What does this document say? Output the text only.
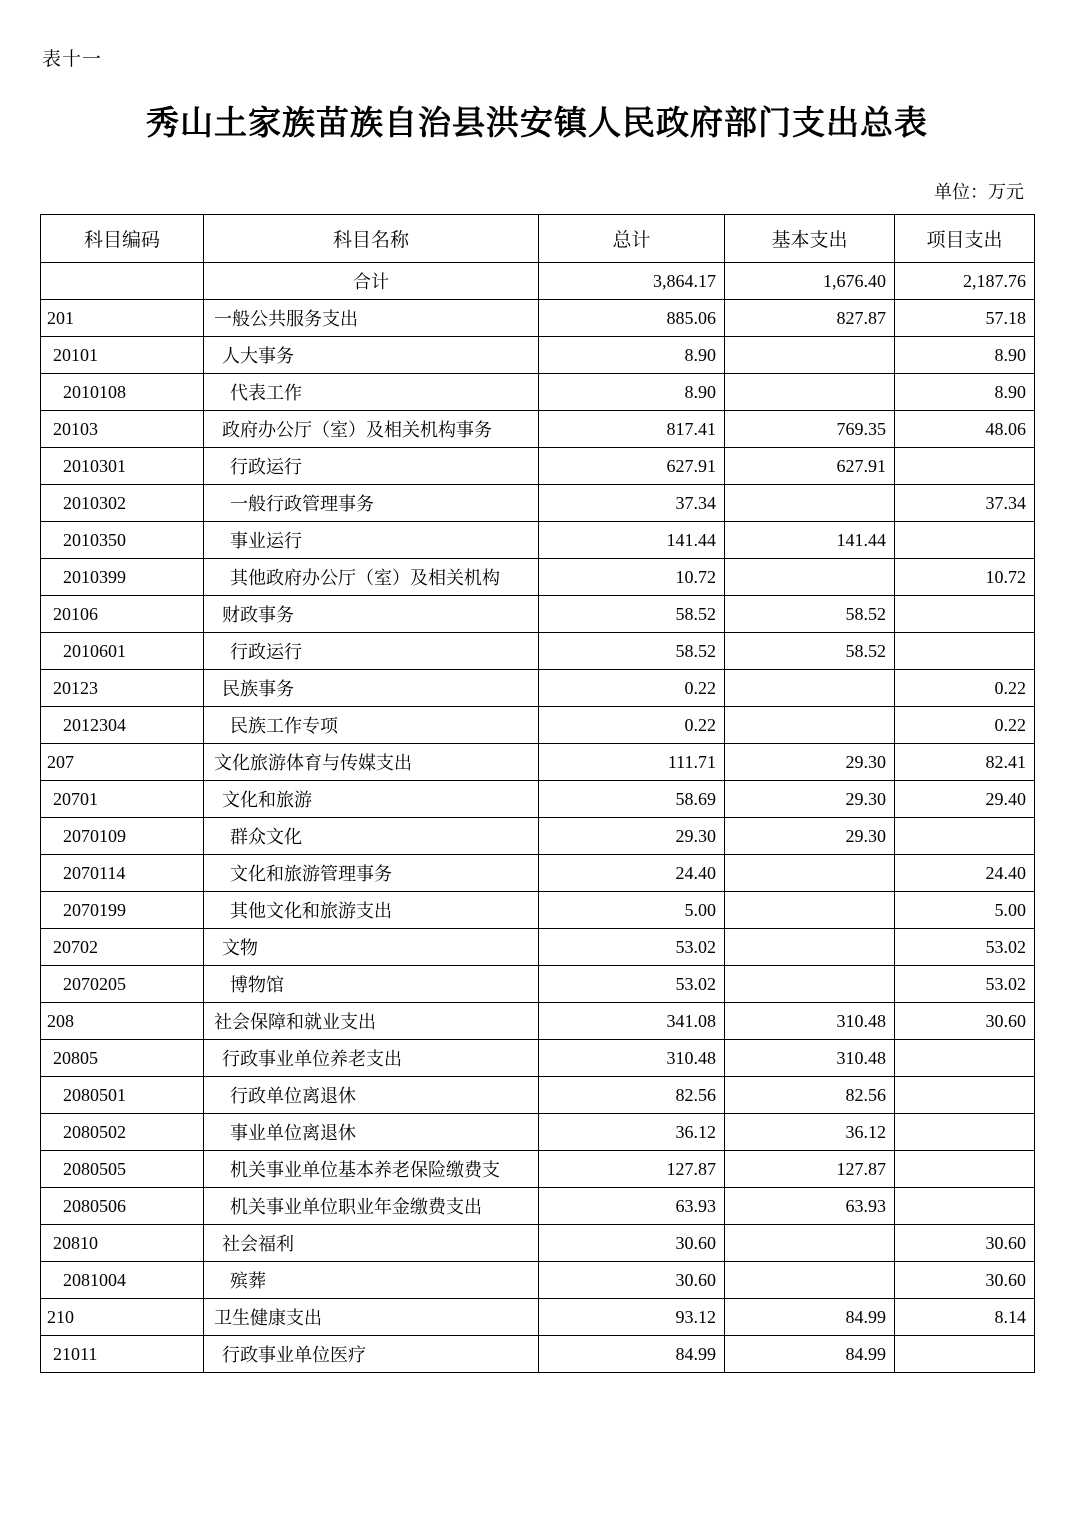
表十一
秀山土家族苗族自治县洪安镇人民政府部门支出总表
单位：万元
科目编码	科目名称	总计	基本支出	项目支出
	合计	3,864.17	1,676.40	2,187.76
201	一般公共服务支出	885.06	827.87	57.18
20101	人大事务	8.90		8.90
2010108	代表工作	8.90		8.90
20103	政府办公厅（室）及相关机构事务	817.41	769.35	48.06
2010301	行政运行	627.91	627.91	
2010302	一般行政管理事务	37.34		37.34
2010350	事业运行	141.44	141.44	
2010399	其他政府办公厅（室）及相关机构	10.72		10.72
20106	财政事务	58.52	58.52	
2010601	行政运行	58.52	58.52	
20123	民族事务	0.22		0.22
2012304	民族工作专项	0.22		0.22
207	文化旅游体育与传媒支出	111.71	29.30	82.41
20701	文化和旅游	58.69	29.30	29.40
2070109	群众文化	29.30	29.30	
2070114	文化和旅游管理事务	24.40		24.40
2070199	其他文化和旅游支出	5.00		5.00
20702	文物	53.02		53.02
2070205	博物馆	53.02		53.02
208	社会保障和就业支出	341.08	310.48	30.60
20805	行政事业单位养老支出	310.48	310.48	
2080501	行政单位离退休	82.56	82.56	
2080502	事业单位离退休	36.12	36.12	
2080505	机关事业单位基本养老保险缴费支	127.87	127.87	
2080506	机关事业单位职业年金缴费支出	63.93	63.93	
20810	社会福利	30.60		30.60
2081004	殡葬	30.60		30.60
210	卫生健康支出	93.12	84.99	8.14
21011	行政事业单位医疗	84.99	84.99	
